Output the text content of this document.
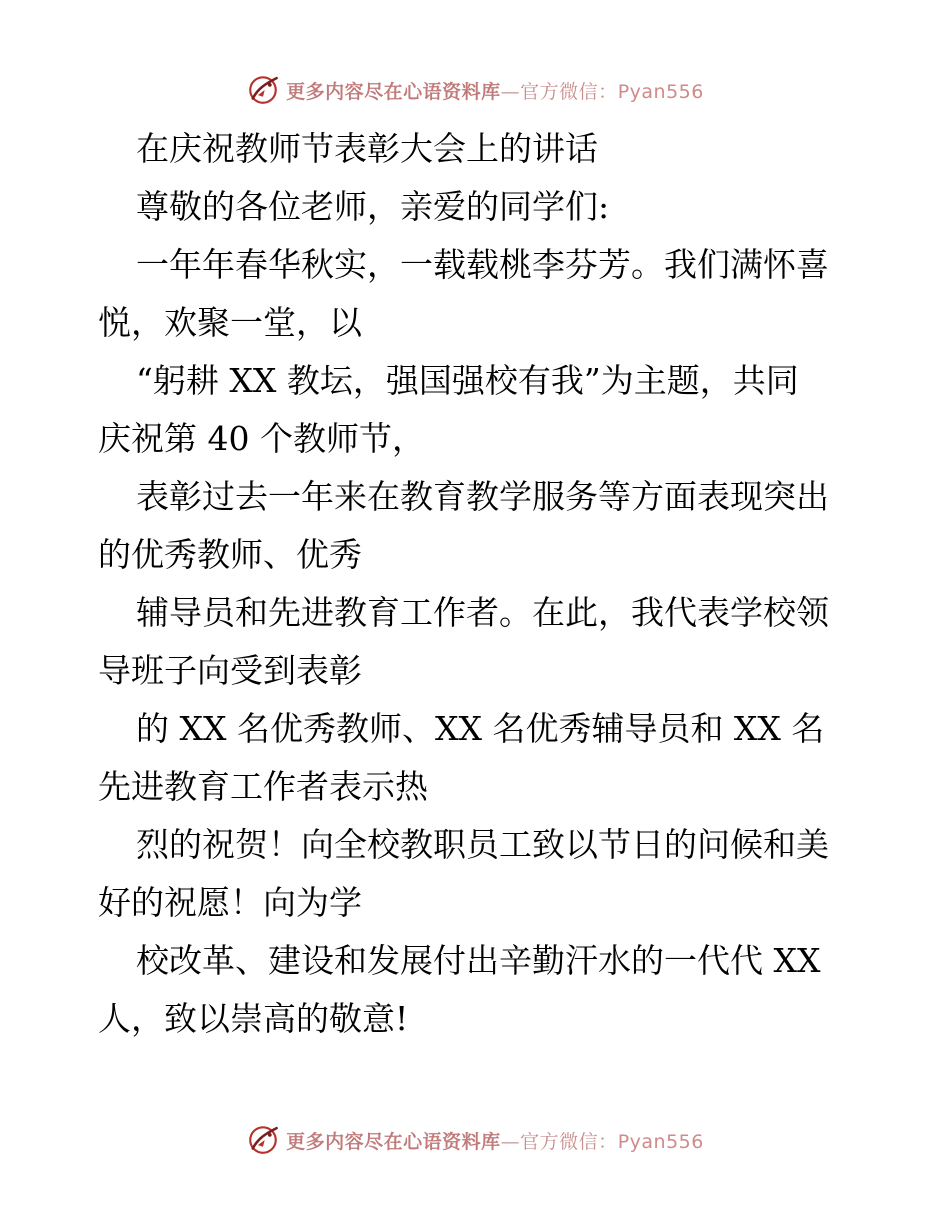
更多内容尽在心语资料库—官方微信：Pyan556
在庆祝教师节表彰大会上的讲话
尊敬的各位老师，亲爱的同学们:
一年年春华秋实，一载载桃李芬芳。我们满怀喜
悦，欢聚一堂，以
“躬耕 XX 教坛，强国强校有我”为主题，共同
庆祝第 40 个教师节，
表彰过去一年来在教育教学服务等方面表现突出
的优秀教师、优秀
辅导员和先进教育工作者。在此，我代表学校领
导班子向受到表彰
的 XX 名优秀教师、XX 名优秀辅导员和 XX 名
先进教育工作者表示热
烈的祝贺！向全校教职员工致以节日的问候和美
好的祝愿！向为学
校改革、建设和发展付出辛勤汗水的一代代 XX
人，致以崇高的敬意!
更多内容尽在心语资料库—官方微信：Pyan556
